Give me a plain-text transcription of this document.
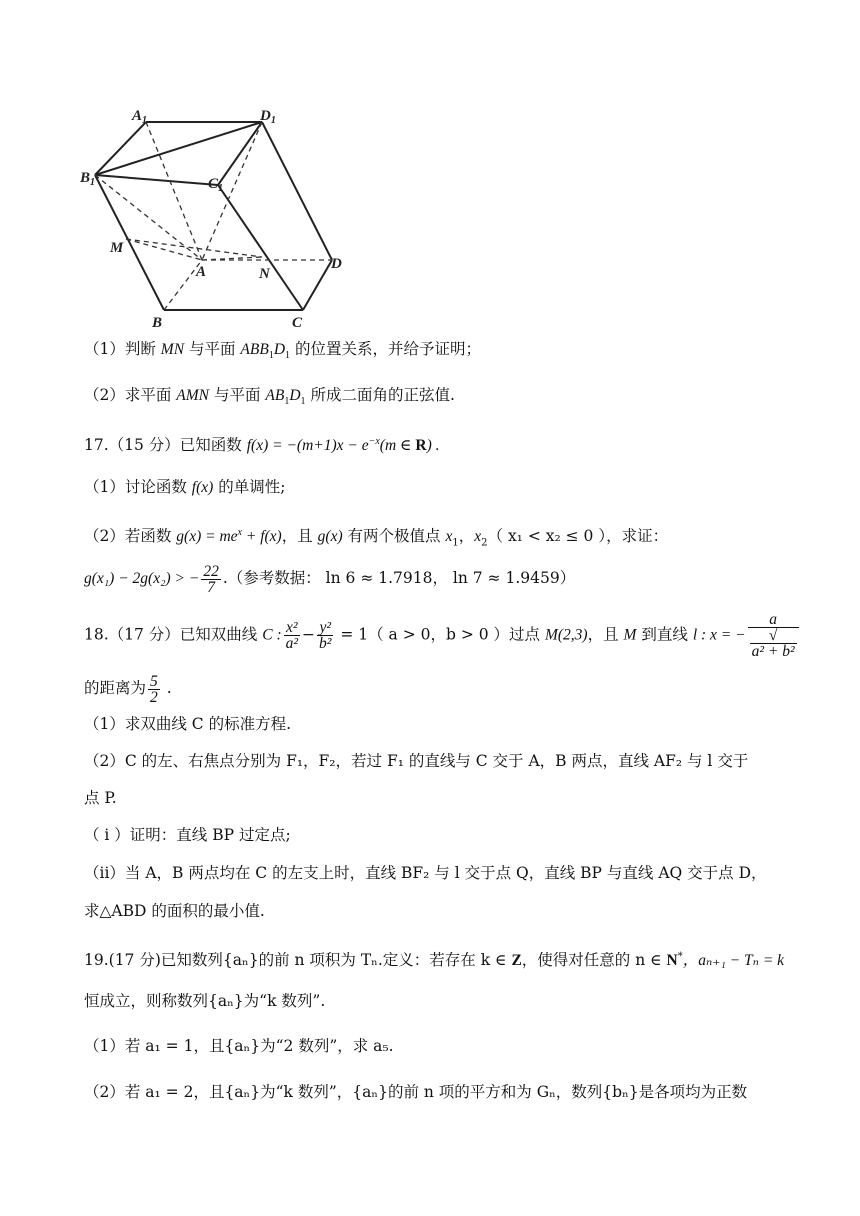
$A_1$	$D_1$
$B_1$	$C_1$
M
A	N
D
B	C
（1）判断 MN 与平面 $ABB_1D_1$ 的位置关系，并给予证明；
（2）求平面 AMN 与平面 $AB_1D_1$ 所成二面角的正弦值.
17.（15 分）已知函数 $f(x) = -(m+1)x - e^{-x}(m$ ∈ R) .
（1）讨论函数 f(x) 的单调性;
（2）若函数 $g(x) = me^x + f(x)$，且 g(x) 有两个极值点 $x_1$，$x_2$（ x₁ < x₂ ≤ 0 ），求证：
g(x₁) − 2g(x₂) > − $\frac{22}{7}$ .（参考数据： ln 6 ≈ 1.7918， ln 7 ≈ 1.9459）
18.（17 分）已知双曲线 C : $\frac{\text{x²}}{\text{a²}} - \frac{\text{y²}}{\text{b²}} = 1$（ a > 0，b > 0 ）过点 M(2,3)，且 M 到直线 l : x = − a
√
a² + b²
的距离为 $\frac{5}{2}$ .
（1）求双曲线 C 的标准方程.
（2）C 的左、右焦点分别为 F₁，F₂，若过 F₁ 的直线与 C 交于 A，B 两点，直线 AF₂ 与 l 交于
点 P.
（ i ）证明：直线 BP 过定点;
（ii）当 A，B 两点均在 C 的左支上时，直线 BF₂ 与 l 交于点 Q，直线 BP 与直线 AQ 交于点 D，
求△ABD 的面积的最小值.
19.(17 分)已知数列{aₙ}的前 n 项积为 Tₙ.定义：若存在 k ∈ Z，使得对任意的 n ∈ N*，aₙ₊₁ − Tₙ = k
恒成立，则称数列{aₙ}为“k 数列”.
（1）若 a₁ = 1，且{aₙ}为“2 数列”，求 a₅.
（2）若 a₁ = 2，且{aₙ}为“k 数列”，{aₙ}的前 n 项的平方和为 Gₙ，数列{bₙ}是各项均为正数
